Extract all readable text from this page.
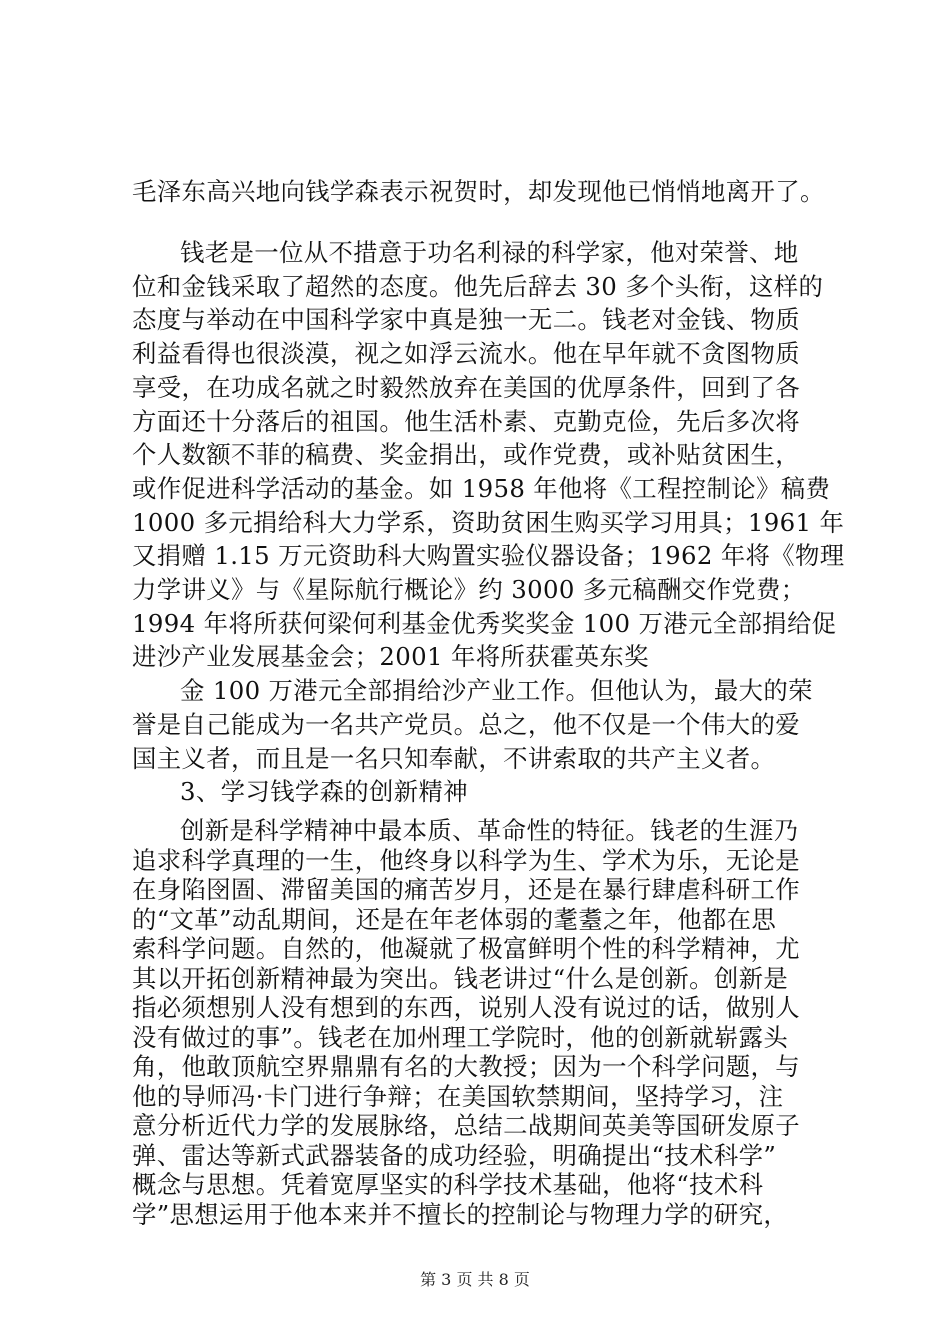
毛泽东高兴地向钱学森表示祝贺时，却发现他已悄悄地离开了。
钱老是一位从不措意于功名利禄的科学家，他对荣誉、地
位和金钱采取了超然的态度。他先后辞去 30 多个头衔，这样的
态度与举动在中国科学家中真是独一无二。钱老对金钱、物质
利益看得也很淡漠，视之如浮云流水。他在早年就不贪图物质
享受，在功成名就之时毅然放弃在美国的优厚条件，回到了各
方面还十分落后的祖国。他生活朴素、克勤克俭，先后多次将
个人数额不菲的稿费、奖金捐出，或作党费，或补贴贫困生，
或作促进科学活动的基金。如 1958 年他将《工程控制论》稿费
1000 多元捐给科大力学系，资助贫困生购买学习用具；1961 年
又捐赠 1.15 万元资助科大购置实验仪器设备；1962 年将《物理
力学讲义》与《星际航行概论》约 3000 多元稿酬交作党费；
1994 年将所获何梁何利基金优秀奖奖金 100 万港元全部捐给促
进沙产业发展基金会；2001 年将所获霍英东奖
金 100 万港元全部捐给沙产业工作。但他认为，最大的荣
誉是自己能成为一名共产党员。总之，他不仅是一个伟大的爱
国主义者，而且是一名只知奉献，不讲索取的共产主义者。
3、学习钱学森的创新精神
创新是科学精神中最本质、革命性的特征。钱老的生涯乃
追求科学真理的一生，他终身以科学为生、学术为乐，无论是
在身陷囹圄、滞留美国的痛苦岁月，还是在暴行肆虐科研工作
的“文革”动乱期间，还是在年老体弱的耄耋之年，他都在思
索科学问题。自然的，他凝就了极富鲜明个性的科学精神，尤
其以开拓创新精神最为突出。钱老讲过“什么是创新。创新是
指必须想别人没有想到的东西，说别人没有说过的话，做别人
没有做过的事”。钱老在加州理工学院时，他的创新就崭露头
角，他敢顶航空界鼎鼎有名的大教授；因为一个科学问题，与
他的导师冯·卡门进行争辩；在美国软禁期间，坚持学习，注
意分析近代力学的发展脉络，总结二战期间英美等国研发原子
弹、雷达等新式武器装备的成功经验，明确提出“技术科学”
概念与思想。凭着宽厚坚实的科学技术基础，他将“技术科
学”思想运用于他本来并不擅长的控制论与物理力学的研究，
第 3 页 共 8 页
